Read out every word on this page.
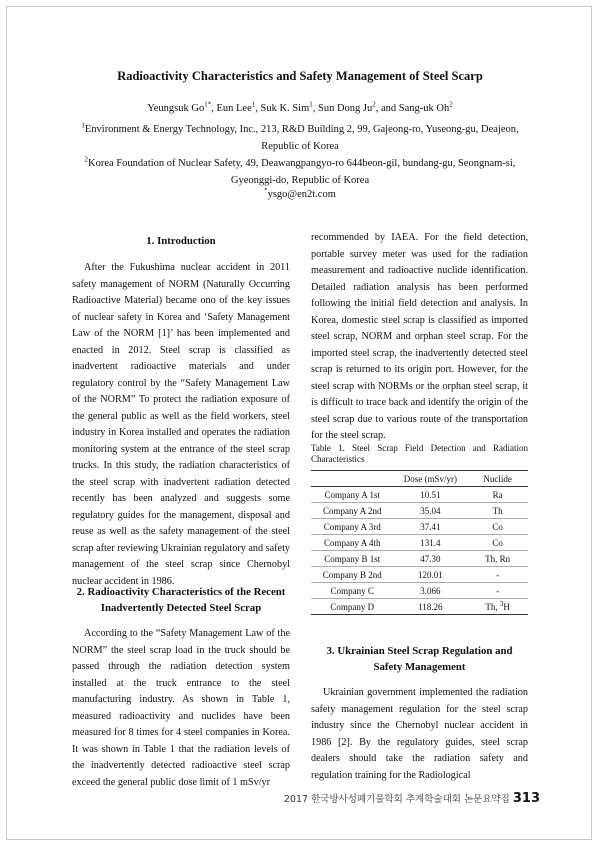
Radioactivity Characteristics and Safety Management of Steel Scarp
Yeungsuk $Go^{1*}$, Eun Lee$^1$, Suk K. Sim$^1$, Sun Dong Ju$^2$, and Sang-uk Oh$^2$
$^1$Environment & Energy Technology, Inc., 213, R&D Building 2, 99, Gajeong-ro, Yuseong-gu, Deajeon, Republic of Korea
$^2$Korea Foundation of Nuclear Safety, 49, Deawangpangyo-ro 644beon-gil, bundang-gu, Seongnam-si, Gyeonggi-do, Republic of Korea
*ysgo@en2t.com
1. Introduction
After the Fukushima nuclear accident in 2011 safety management of NORM (Naturally Occurring Radioactive Material) became ono of the key issues of nuclear safety in Korea and ‘Safety Management Law of the NORM [1]’ has been implemented and enacted in 2012. Steel scrap is classified as inadvertent radioactive materials and under regulatory control by the “Safety Management Law of the NORM” To protect the radiation exposure of the general public as well as the field workers, steel industry in Korea installed and operates the radiation monitoring system at the entrance of the steel scrap trucks. In this study, the radiation characteristics of the steel scrap with inadvertent radiation detected recently has been analyzed and suggests some regulatory guides for the management, disposal and reuse as well as the safety management of the steel scrap after reviewing Ukrainian regulatory and safety management of the steel scrap since Chernobyl nuclear accident in 1986.
2. Radioactivity Characteristics of the Recent Inadvertently Detected Steel Scrap
According to the “Safety Management Law of the NORM” the steel scrap load in the truck should be passed through the radiation detection system installed at the truck entrance to the steel manufacturing industry. As shown in Table 1, measured radioactivity and nuclides have been measured for 8 times for 4 steel companies in Korea. It was shown in Table 1 that the radiation levels of the inadvertently detected radioactive steel scrap exceed the general public dose limit of 1 mSv/yr
recommended by IAEA. For the field detection, portable survey meter was used for the radiation measurement and radioactive nuclide identification. Detailed radiation analysis has been performed following the initial field detection and analysis. In Korea, domestic steel scrap is classified as imported steel scrap, NORM and orphan steel scrap. For the imported steel scrap, the inadvertently detected steel scrap is returned to its origin port. However, for the steel scrap with NORMs or the orphan steel scrap, it is difficult to trace back and identify the origin of the steel scrap due to various route of the transportation for the steel scrap.
Table 1. Steel Scrap Field Detection and Radiation Characteristics
	Dose (mSv/yr)	Nuclide
Company A 1st	10.51	Ra
Company A 2nd	35.04	Th
Company A 3rd	37.41	Co
Company A 4th	131.4	Co
Company B 1st	47.30	Th, Rn
Company B 2nd	120.01	-
Company C	3.066	-
Company D	118.26	Th, $^3$H
3. Ukrainian Steel Scrap Regulation and Safety Management
Ukrainian government implemented the radiation safety management regulation for the steel scrap industry since the Chernobyl nuclear accident in 1986 [2]. By the regulatory guides, steel scrap dealers should take the radiation safety and regulation training for the Radiological
2017 한국방사성폐기물학회 추계학술대회 논문요약집 313
